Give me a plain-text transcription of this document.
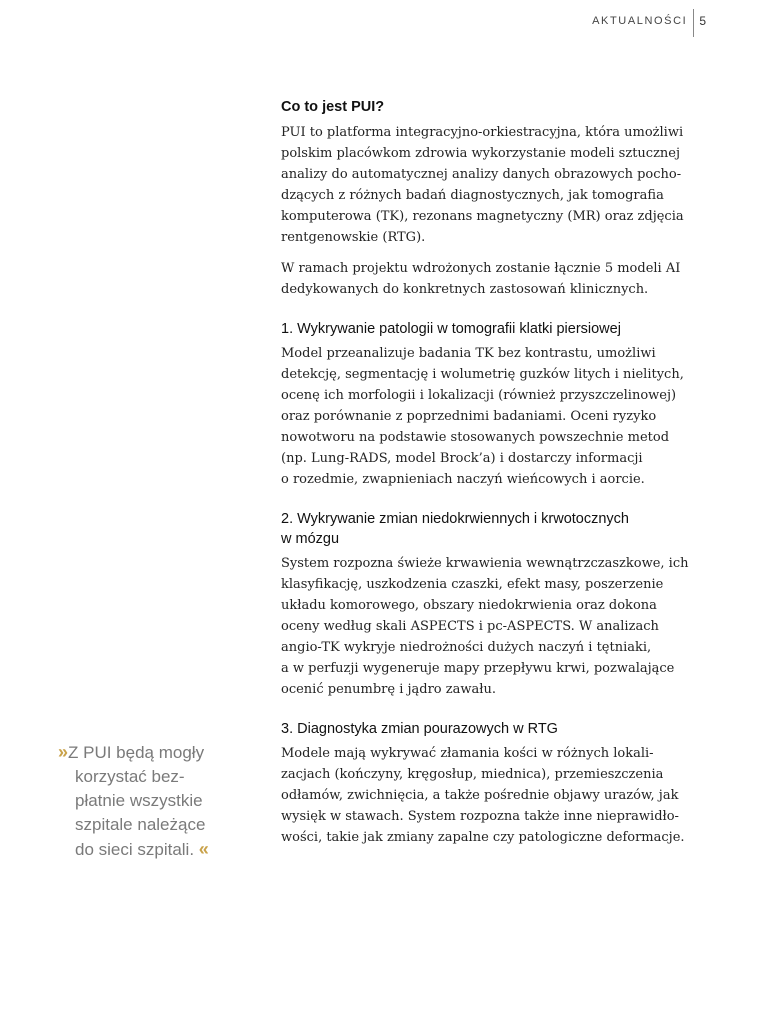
AKTUALNOŚCI	5
Co to jest PUI?

PUI to platforma integracyjno-orkiestracyjna, która umożliwi
polskim placówkom zdrowia wykorzystanie modeli sztucznej
analizy do automatycznej analizy danych obrazowych pocho-
dzących z różnych badań diagnostycznych, jak tomografia
komputerowa (TK), rezonans magnetyczny (MR) oraz zdjęcia
rentgenowskie (RTG).

W ramach projektu wdrożonych zostanie łącznie 5 modeli AI
dedykowanych do konkretnych zastosowań klinicznych.

1. Wykrywanie patologii w tomografii klatki piersiowej

Model przeanalizuje badania TK bez kontrastu, umożliwi
detekcję, segmentację i wolumetrię guzków litych i nielitych,
ocenę ich morfologii i lokalizacji (również przyszczelinowej)
oraz porównanie z poprzednimi badaniami. Oceni ryzyko
nowotworu na podstawie stosowanych powszechnie metod
(np. Lung-RADS, model Brock’a) i dostarczy informacji
o rozedmie, zwapnieniach naczyń wieńcowych i aorcie.

2. Wykrywanie zmian niedokrwiennych i krwotocznych
w mózgu

System rozpozna świeże krwawienia wewnątrzczaszkowe, ich
klasyfikację, uszkodzenia czaszki, efekt masy, poszerzenie
układu komorowego, obszary niedokrwienia oraz dokona
oceny według skali ASPECTS i pc-ASPECTS. W analizach
angio-TK wykryje niedrożności dużych naczyń i tętniaki,
a w perfuzji wygeneruje mapy przepływu krwi, pozwalające
ocenić penumbrę i jądro zawału.

3. Diagnostyka zmian pourazowych w RTG

Modele mają wykrywać złamania kości w różnych lokali-
zacjach (kończyny, kręgosłup, miednica), przemieszczenia
odłamów, zwichnięcia, a także pośrednie objawy urazów, jak
wysięk w stawach. System rozpozna także inne nieprawidło-
wości, takie jak zmiany zapalne czy patologiczne deformacje.

»Z PUI będą mogły
korzystać bez-
płatnie wszystkie
szpitale należące
do sieci szpitali. «
